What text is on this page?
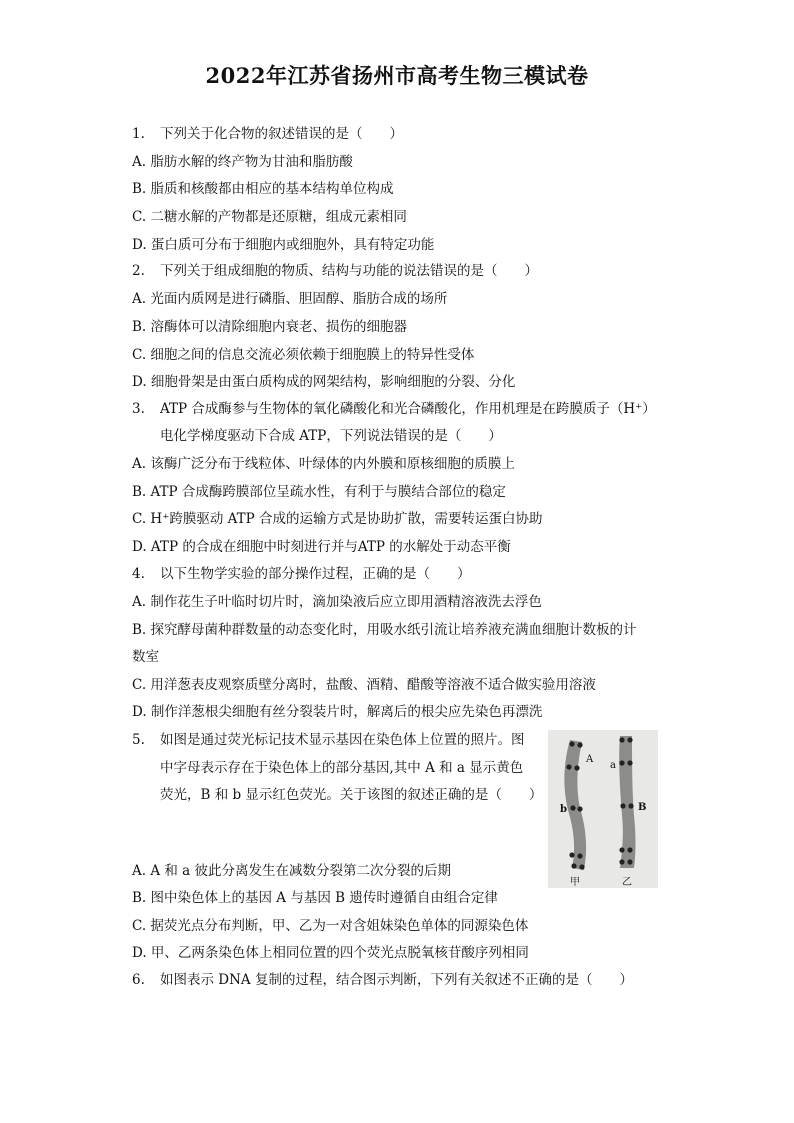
2022年江苏省扬州市高考生物三模试卷
1. 下列关于化合物的叙述错误的是（　　）
A. 脂肪水解的终产物为甘油和脂肪酸
B. 脂质和核酸都由相应的基本结构单位构成
C. 二糖水解的产物都是还原糖，组成元素相同
D. 蛋白质可分布于细胞内或细胞外，具有特定功能
2. 下列关于组成细胞的物质、结构与功能的说法错误的是（　　）
A. 光面内质网是进行磷脂、胆固醇、脂肪合成的场所
B. 溶酶体可以清除细胞内衰老、损伤的细胞器
C. 细胞之间的信息交流必须依赖于细胞膜上的特异性受体
D. 细胞骨架是由蛋白质构成的网架结构，影响细胞的分裂、分化
3. ATP 合成酶参与生物体的氧化磷酸化和光合磷酸化，作用机理是在跨膜质子（H⁺）
电化学梯度驱动下合成 ATP，下列说法错误的是（　　）
A. 该酶广泛分布于线粒体、叶绿体的内外膜和原核细胞的质膜上
B. ATP 合成酶跨膜部位呈疏水性，有利于与膜结合部位的稳定
C. H⁺跨膜驱动 ATP 合成的运输方式是协助扩散，需要转运蛋白协助
D. ATP 的合成在细胞中时刻进行并与ATP 的水解处于动态平衡
4. 以下生物学实验的部分操作过程，正确的是（　　）
A. 制作花生子叶临时切片时，滴加染液后应立即用酒精溶液洗去浮色
B. 探究酵母菌种群数量的动态变化时，用吸水纸引流让培养液充满血细胞计数板的计
数室
C. 用洋葱表皮观察质壁分离时，盐酸、酒精、醋酸等溶液不适合做实验用溶液
D. 制作洋葱根尖细胞有丝分裂装片时，解离后的根尖应先染色再漂洗
5. 如图是通过荧光标记技术显示基因在染色体上位置的照片。图
中字母表示存在于染色体上的部分基因,其中 A 和 a 显示黄色
荧光，B 和 b 显示红色荧光。关于该图的叙述正确的是（　　）
A
a
b	B
甲	乙
A. A 和 a 彼此分离发生在减数分裂第二次分裂的后期
B. 图中染色体上的基因 A 与基因 B 遗传时遵循自由组合定律
C. 据荧光点分布判断，甲、乙为一对含姐妹染色单体的同源染色体
D. 甲、乙两条染色体上相同位置的四个荧光点脱氧核苷酸序列相同
6. 如图表示 DNA 复制的过程，结合图示判断，下列有关叙述不正确的是（　　）
